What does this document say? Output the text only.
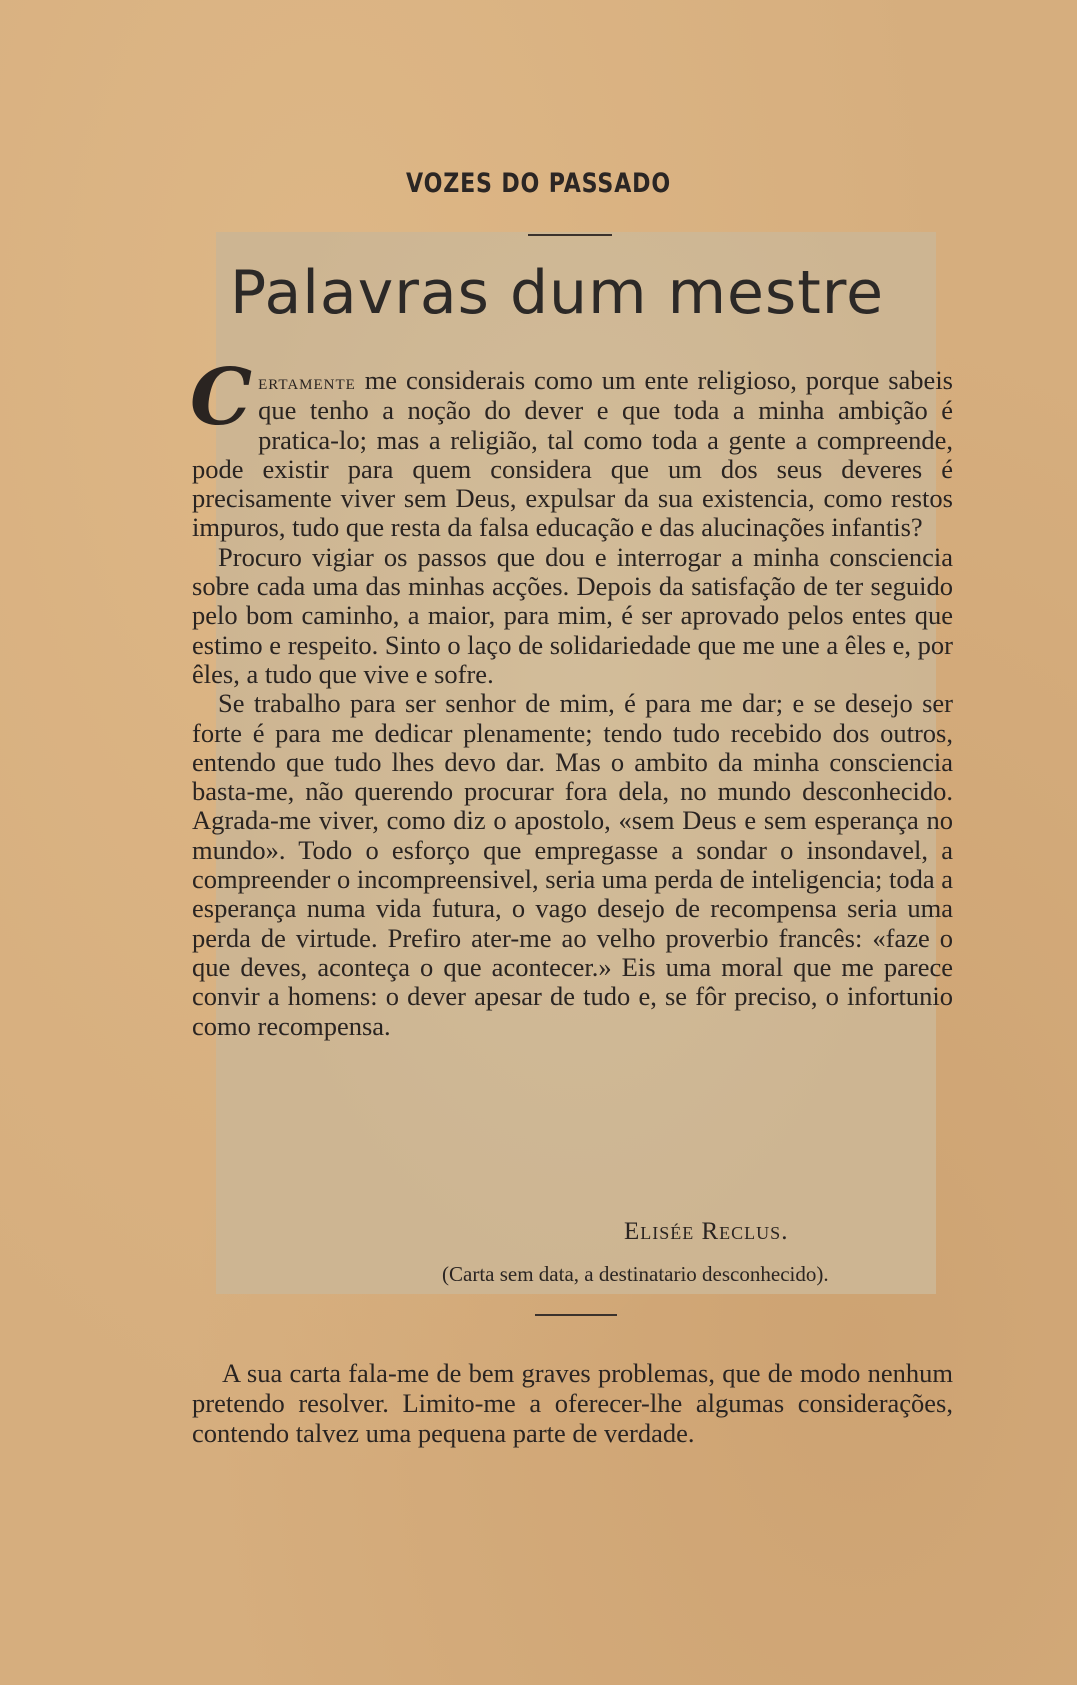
VOZES DO PASSADO
Palavras dum mestre

Certamente me considerais como um ente religioso, porque sabeis que tenho a noção do dever e que toda a minha ambição é pratica-lo; mas a religião, tal como toda a gente a compreende, pode existir para quem considera que um dos seus deveres é precisamente viver sem Deus, expulsar da sua existencia, como restos impuros, tudo que resta da falsa educação e das alucinações infantis?

Procuro vigiar os passos que dou e interrogar a minha consciencia sobre cada uma das minhas acções. Depois da satisfação de ter seguido pelo bom caminho, a maior, para mim, é ser aprovado pelos entes que estimo e respeito. Sinto o laço de solidariedade que me une a êles e, por êles, a tudo que vive e sofre.

Se trabalho para ser senhor de mim, é para me dar; e se desejo ser forte é para me dedicar plenamente; tendo tudo recebido dos outros, entendo que tudo lhes devo dar. Mas o ambito da minha consciencia basta-me, não querendo procurar fora dela, no mundo desconhecido. Agrada-me viver, como diz o apostolo, «sem Deus e sem esperança no mundo». Todo o esforço que empregasse a sondar o insondavel, a compreender o incompreensivel, seria uma perda de inteligencia; toda a esperança numa vida futura, o vago desejo de recompensa seria uma perda de virtude. Prefiro ater-me ao velho proverbio francês: «faze o que deves, aconteça o que acontecer.» Eis uma moral que me parece convir a homens: o dever apesar de tudo e, se fôr preciso, o infortunio como recompensa.

Elisée Reclus.
(Carta sem data, a destinatario desconhecido).

A sua carta fala-me de bem graves problemas, que de modo nenhum pretendo resolver. Limito-me a oferecer-lhe algumas considerações, contendo talvez uma pequena parte de verdade.
